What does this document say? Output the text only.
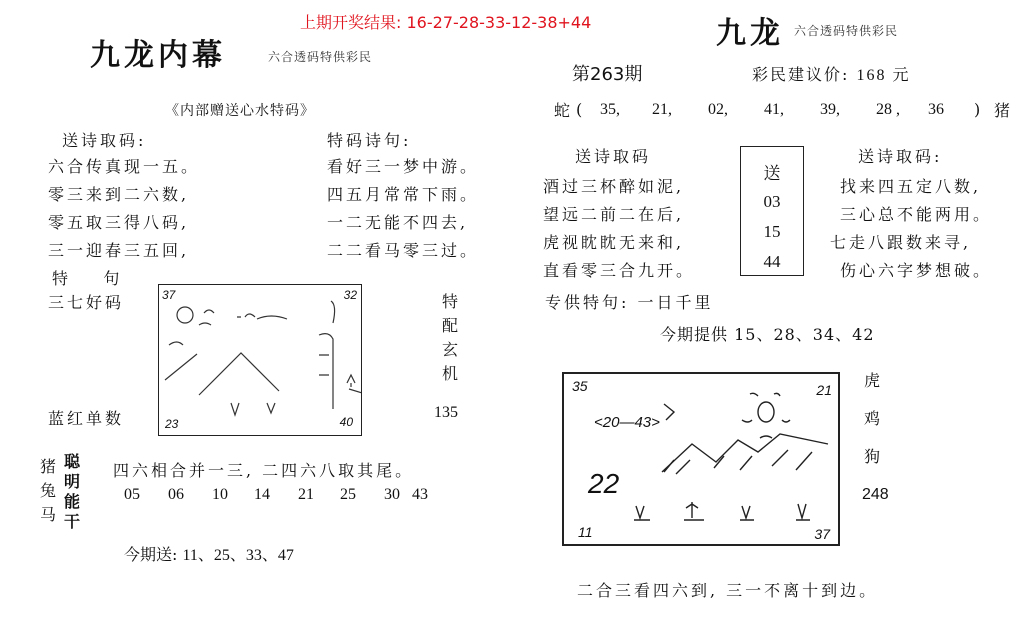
上期开奖结果: 16-27-28-33-12-38+44
九龙内幕	六合透码特供彩民
《内部赠送心水特码》
送诗取码:
六合传真现一五。
零三来到二六数,
零五取三得八码,
三一迎春三五回,
特码诗句:
看好三一梦中游。
四五月常常下雨。
一二无能不四去,
二二看马零三过。
特    句
三七好码
蓝红单数
37	32
23	40
特
配
玄
机
135
猪
兔
马
聪
明
能
干
四六相合并一三, 二四六八取其尾。
05	06	10	14	21	25	30 43
今期送: 11、25、33、47
九龙 六合透码特供彩民
第263期	彩民建议价: 168 元
蛇 (	35,	21,	02,	41,	39,	28 ,	36	) 猪
送诗取码
酒过三杯醉如泥,
望远二前二在后,
虎视眈眈无来和,
直看零三合九开。
送
03
15
44
送诗取码:
找来四五定八数,
三心总不能两用。
七走八跟数来寻,
伤心六字梦想破。
专供特句: 一日千里
今期提供 15、28、34、42
35	21
11	37
<20—43>
22
虎
鸡
狗
248
二合三看四六到, 三一不离十到边。
